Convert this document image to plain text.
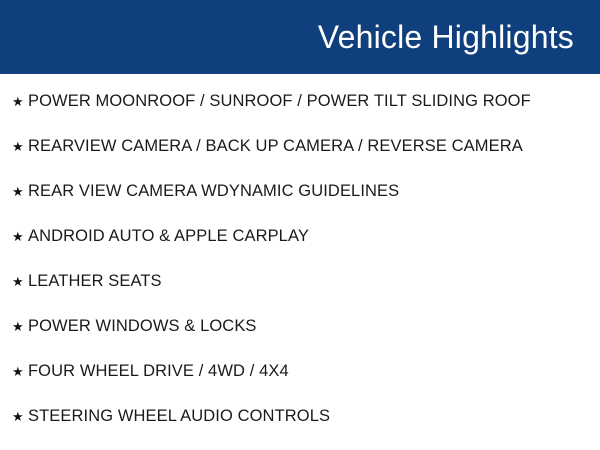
Vehicle Highlights
★ POWER MOONROOF / SUNROOF / POWER TILT SLIDING ROOF
★ REARVIEW CAMERA / BACK UP CAMERA / REVERSE CAMERA
★ REAR VIEW CAMERA WDYNAMIC GUIDELINES
★ ANDROID AUTO & APPLE CARPLAY
★ LEATHER SEATS
★ POWER WINDOWS & LOCKS
★ FOUR WHEEL DRIVE / 4WD / 4X4
★ STEERING WHEEL AUDIO CONTROLS
